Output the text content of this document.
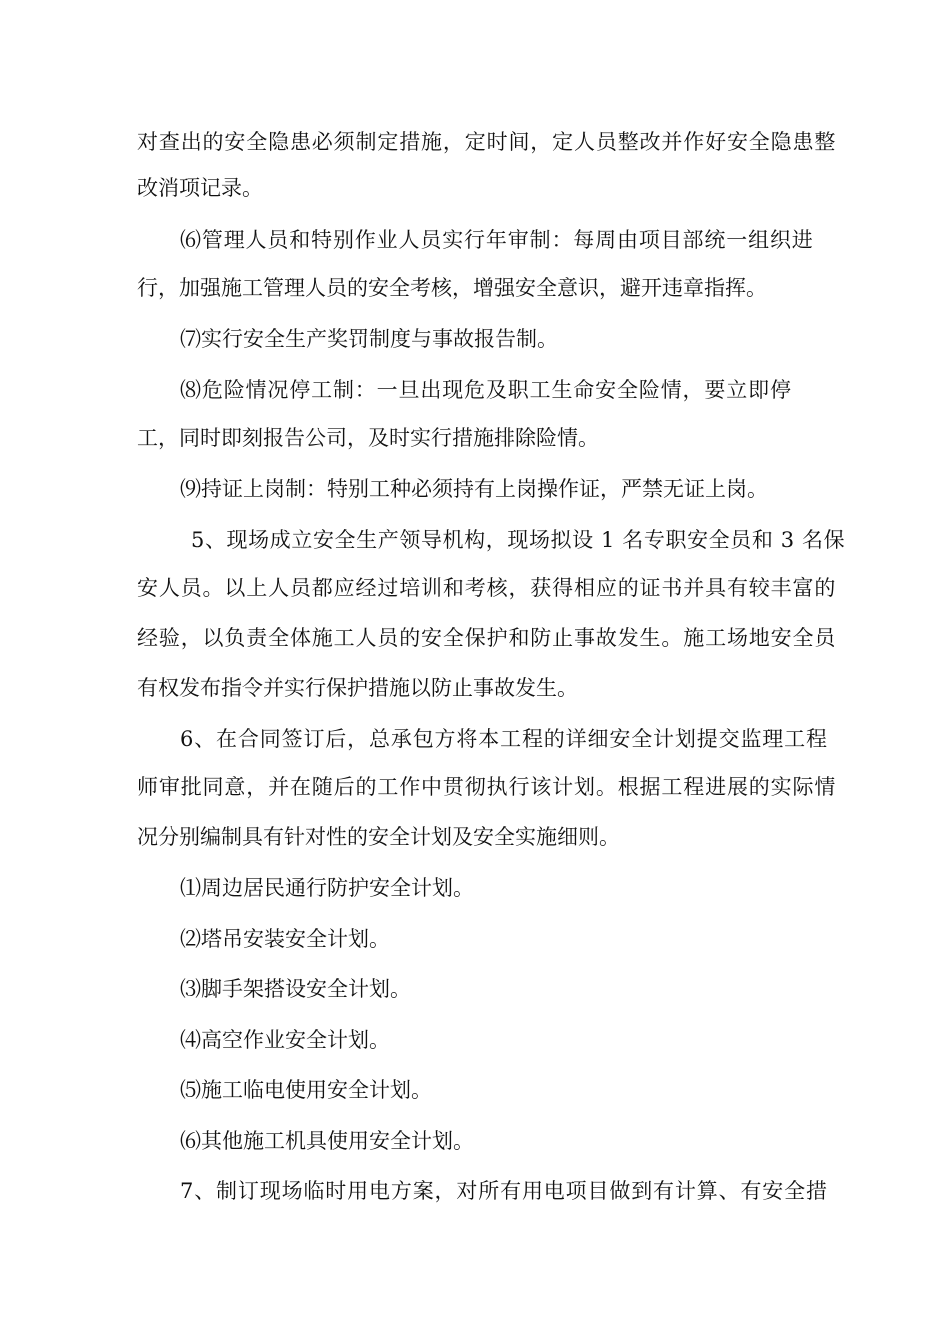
对查出的安全隐患必须制定措施，定时间，定人员整改并作好安全隐患整
改消项记录。
⑹管理人员和特别作业人员实行年审制：每周由项目部统一组织进
行，加强施工管理人员的安全考核，增强安全意识，避开违章指挥。
⑺实行安全生产奖罚制度与事故报告制。
⑻危险情况停工制：一旦出现危及职工生命安全险情，要立即停
工，同时即刻报告公司，及时实行措施排除险情。
⑼持证上岗制：特别工种必须持有上岗操作证，严禁无证上岗。
5、现场成立安全生产领导机构，现场拟设 1 名专职安全员和 3 名保
安人员。以上人员都应经过培训和考核，获得相应的证书并具有较丰富的
经验，以负责全体施工人员的安全保护和防止事故发生。施工场地安全员
有权发布指令并实行保护措施以防止事故发生。
6、在合同签订后，总承包方将本工程的详细安全计划提交监理工程
师审批同意，并在随后的工作中贯彻执行该计划。根据工程进展的实际情
况分别编制具有针对性的安全计划及安全实施细则。
⑴周边居民通行防护安全计划。
⑵塔吊安装安全计划。
⑶脚手架搭设安全计划。
⑷高空作业安全计划。
⑸施工临电使用安全计划。
⑹其他施工机具使用安全计划。
7、制订现场临时用电方案，对所有用电项目做到有计算、有安全措
